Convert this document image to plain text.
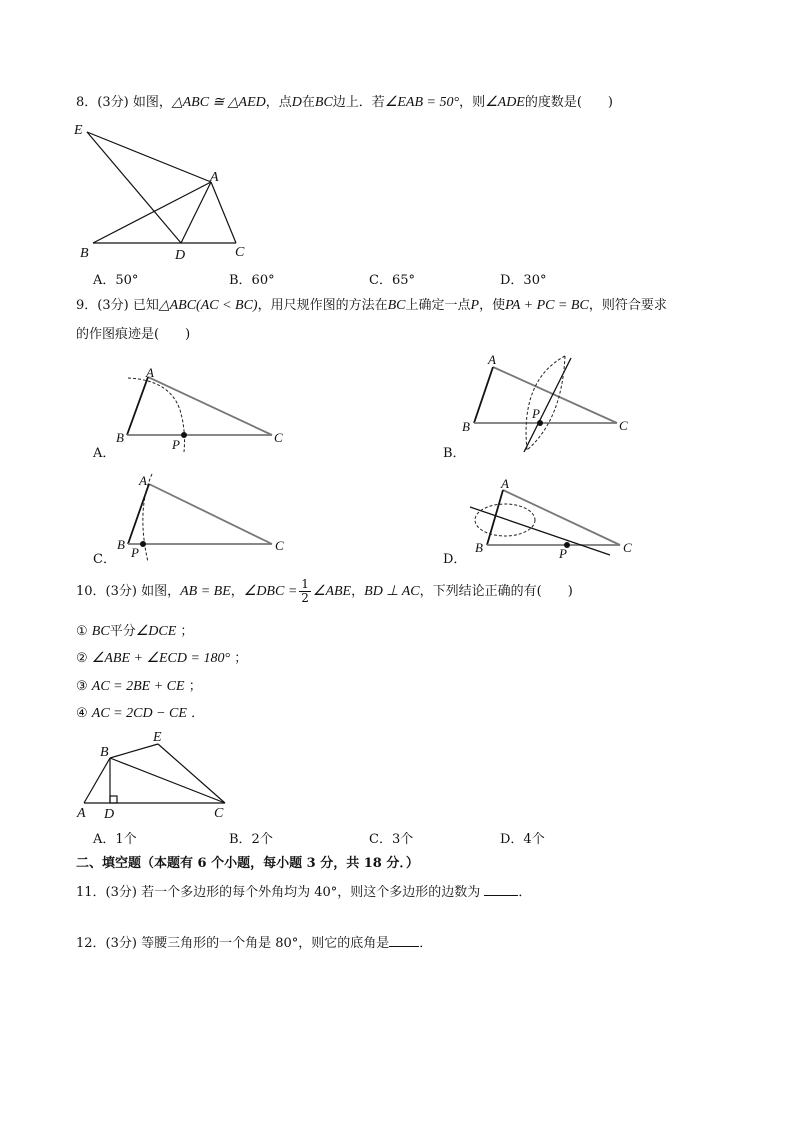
8．(3分) 如图，△ABC ≅ △AED，点D在BC边上．若∠EAB = 50°，则∠ADE的度数是(　　)
E
A
B	D	C
A
B	P	C
A．
A
B
P
C
B．
A
B
P	C
C．
A
B	P	C
D．
B
E
A D	C
A．50°	B．60°	C．65°	D．30°
9．(3分) 已知△ABC(AC < BC)，用尺规作图的方法在BC上确定一点P，使PA + PC = BC，则符合要求
的作图痕迹是(　　)
10．(3分) 如图，AB = BE，∠DBC = $\frac{1}{2}$ ∠ABE，BD ⊥ AC，下列结论正确的有(　　)
① BC平分∠DCE ；
② ∠ABE + ∠ECD = 180° ；
③ AC = 2BE + CE ；
④ AC = 2CD − CE ．
A．1个	B．2个	C．3个	D．4个
二、填空题（本题有 6 个小题，每小题 3 分，共 18 分．）
11．(3分) 若一个多边形的每个外角均为 40°，则这个多边形的边数为	．
12．(3分) 等腰三角形的一个角是 80°，则它的底角是 ．
